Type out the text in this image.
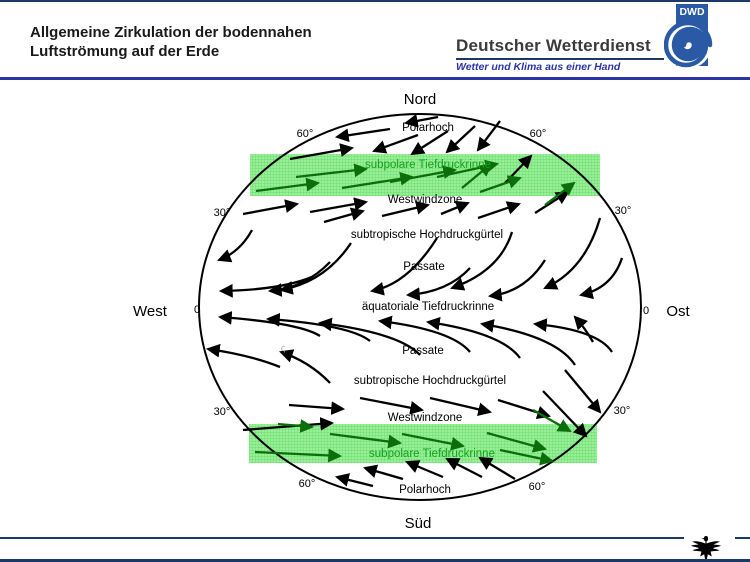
Allgemeine Zirkulation der bodennahen
Luftströmung auf der Erde	Deutscher Wetterdienst
Wetter und Klima aus einer Hand
DWD
Polarhoch
subpolare Tiefdruckrinne
Westwindzone
subtropische Hochdruckgürtel
Passate
äquatoriale Tiefdruckrinne
Passate
subtropische Hochdruckgürtel
Westwindzone
subpolare Tiefdruckrinne
Polarhoch
60°	60°
30°	30°
0	0
30°	30°
60°	60°
Nord
Süd
West	Ost
ς
